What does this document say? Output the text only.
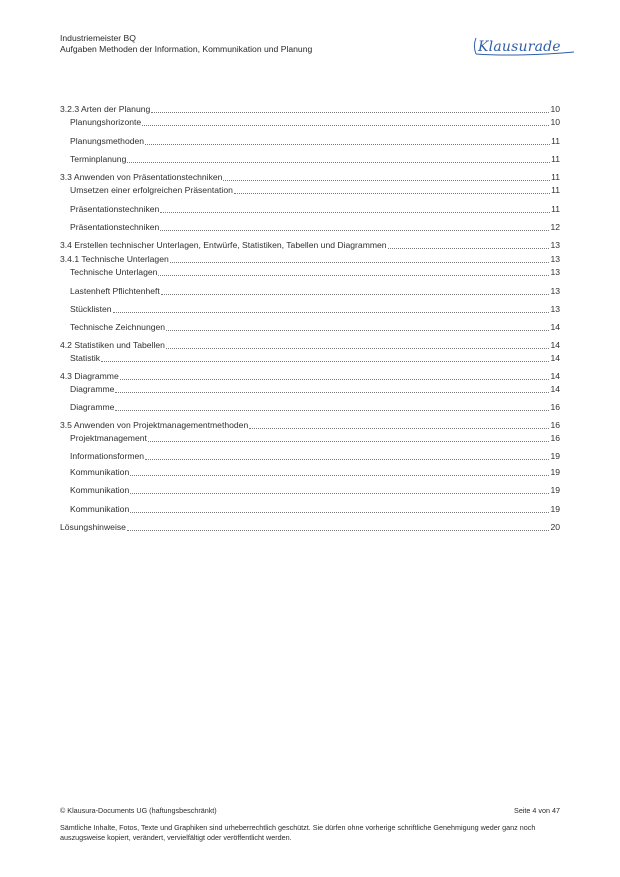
Industriemeister BQ
Aufgaben Methoden der Information, Kommunikation und Planung	Klausurade
3.2.3 Arten der Planung	10
Planungshorizonte	10
Planungsmethoden	11
Terminplanung	11
3.3 Anwenden von Präsentationstechniken	11
Umsetzen einer erfolgreichen Präsentation	11
Präsentationstechniken	11
Präsentationstechniken	12
3.4 Erstellen technischer Unterlagen, Entwürfe, Statistiken, Tabellen und Diagrammen	13
3.4.1 Technische Unterlagen	13
Technische Unterlagen	13
Lastenheft Pflichtenheft	13
Stücklisten	13
Technische Zeichnungen	14
4.2 Statistiken und Tabellen	14
Statistik	14
4.3 Diagramme	14
Diagramme	14
Diagramme	16
3.5 Anwenden von Projektmanagementmethoden	16
Projektmanagement	16
Informationsformen	19
Kommunikation	19
Kommunikation	19
Kommunikation	19
Lösungshinweise	20
© Klausura-Documents UG (haftungsbeschränkt)	Seite 4 von 47
Sämtliche Inhalte, Fotos, Texte und Graphiken sind urheberrechtlich geschützt. Sie dürfen ohne vorherige schriftliche Genehmigung weder ganz noch auszugsweise kopiert, verändert, vervielfältigt oder veröffentlicht werden.
